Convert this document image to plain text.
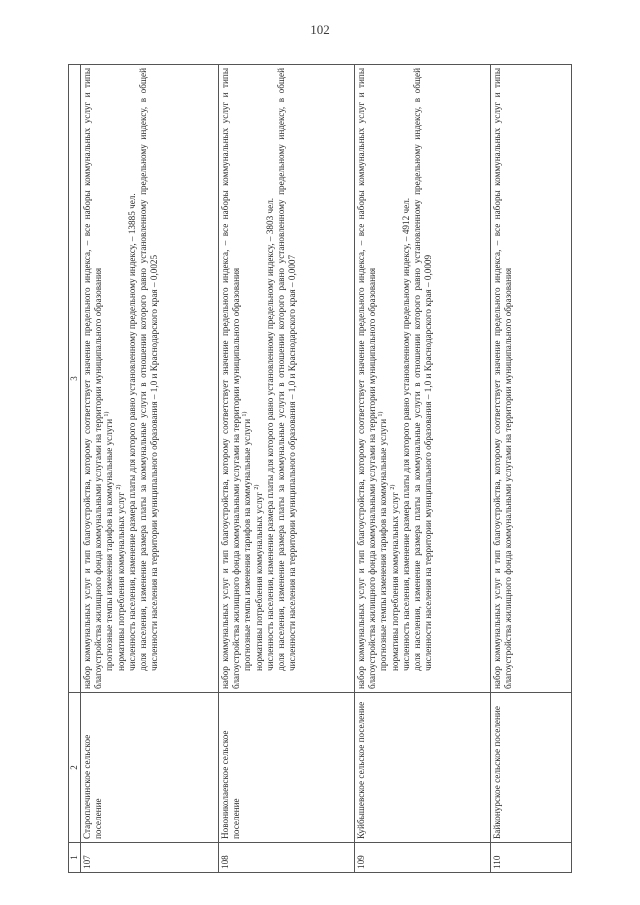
102
1	2	3
107	Староплечинское сельское поселение	набор коммунальных услуг и тип благоустройства, которому соответствует значение предельного индекса, – все наборы коммунальных услуг и типы благоустройства жилищного фонда коммунальными услугами на территории муниципального образования прогнозные темпы изменения тарифов на коммунальные услуги $^{1)}$

нормативы потребления коммунальных услуг $^{2)}$ численность населения, изменение размера платы для которого равно установленному предельному индексу, – 13885 чел. доля населения, изменение размера платы за коммунальные услуги в отношении которого равно установленному предельному индексу, в общей численности населения на территории муниципального образования – 1,0 и Краснодарского края – 0,0025

108	Новониколаевское сельское поселение	набор коммунальных услуг и тип благоустройства, которому соответствует значение предельного индекса, – все наборы коммунальных услуг и типы благоустройства жилищного фонда коммунальными услугами на территории муниципального образования прогнозные темпы изменения тарифов на коммунальные услуги $^{1)}$

нормативы потребления коммунальных услуг $^{2)}$ численность населения, изменение размера платы для которого равно установленному предельному индексу, – 3803 чел. доля населения, изменение размера платы за коммунальные услуги в отношении которого равно установленному предельному индексу, в общей численности населения на территории муниципального образования – 1,0 и Краснодарского края – 0,0007

109	Куйбышевское сельское поселение	набор коммунальных услуг и тип благоустройства, которому соответствует значение предельного индекса, – все наборы коммунальных услуг и типы благоустройства жилищного фонда коммунальными услугами на территории муниципального образования прогнозные темпы изменения тарифов на коммунальные услуги $^{1)}$

нормативы потребления коммунальных услуг $^{2)}$ численность населения, изменение размера платы для которого равно установленному предельному индексу, – 4912 чел. доля населения, изменение размера платы за коммунальные услуги в отношении которого равно установленному предельному индексу, в общей численности населения на территории муниципального образования – 1,0 и Краснодарского края – 0,0009

110	Байконурское сельское поселение	набор коммунальных услуг и тип благоустройства, которому соответствует значение предельного индекса, – все наборы коммунальных услуг и типы благоустройства жилищного фонда коммунальными услугами на территории муниципального образования
